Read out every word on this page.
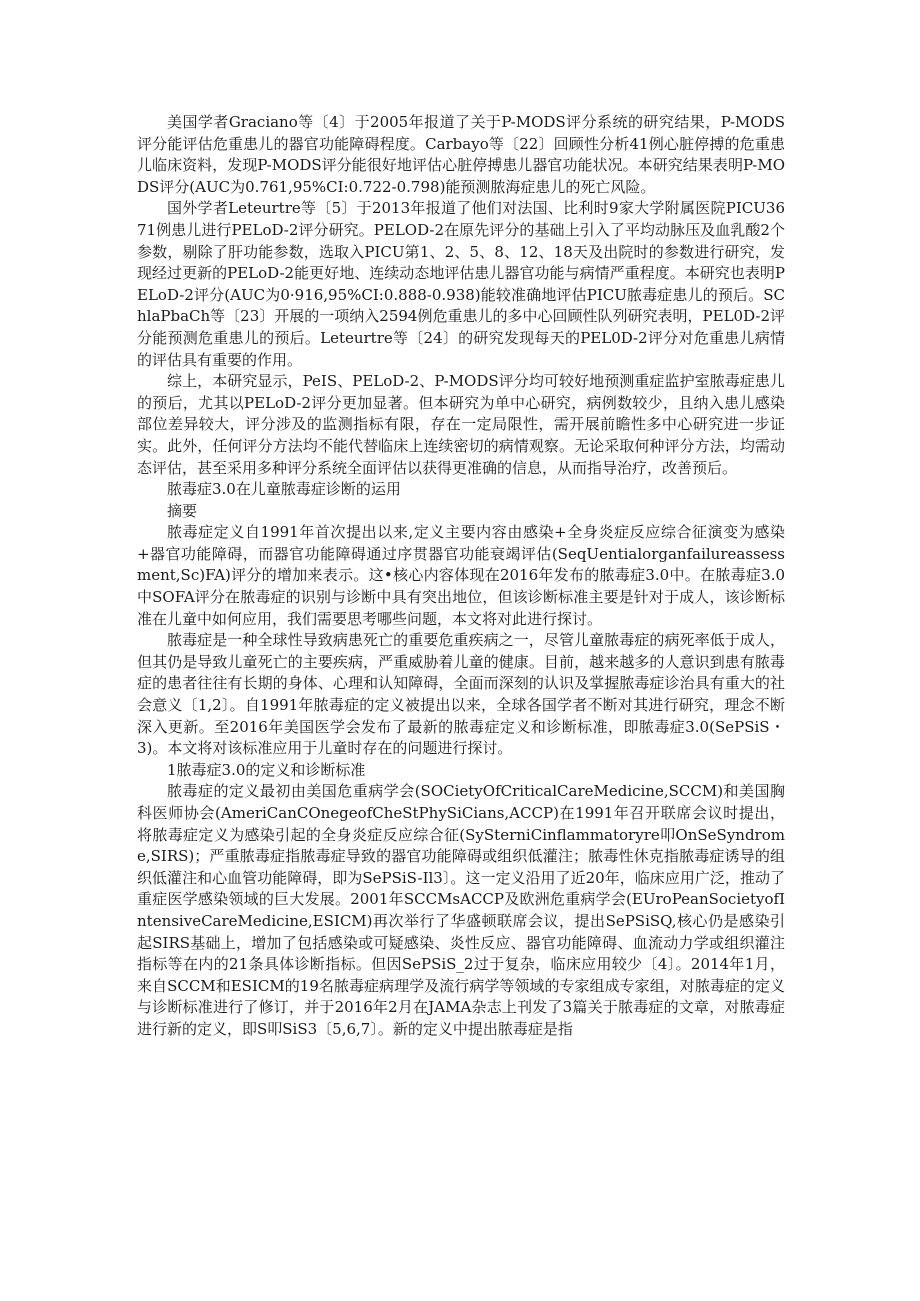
美国学者Graciano等〔4〕于2005年报道了关于P-MODS评分系统的研究结果，P-MODS评分能评估危重患儿的器官功能障碍程度。Carbayo等〔22〕回顾性分析41例心脏停搏的危重患儿临床资料，发现P-MODS评分能很好地评估心脏停搏患儿器官功能状况。本研究结果表明P-MODS评分(AUC为0.761,95%CI:0.722-0.798)能预测脓海症患儿的死亡风险。

国外学者Leteurtre等〔5〕于2013年报道了他们对法国、比利时9家大学附属医院PICU3671例患儿进行PELoD-2评分研究。PELOD-2在原先评分的基础上引入了平均动脉压及血乳酸2个参数，剔除了肝功能参数，选取入PICU第1、2、5、8、12、18天及出院时的参数进行研究，发现经过更新的PELoD-2能更好地、连续动态地评估患儿器官功能与病情严重程度。本研究也表明PELoD-2评分(AUC为0·916,95%CI:0.888-0.938)能较准确地评估PICU脓毒症患儿的预后。SChlaPbaCh等〔23〕开展的一项纳入2594例危重患儿的多中心回顾性队列研究表明，PEL0D-2评分能预测危重患儿的预后。Leteurtre等〔24〕的研究发现每天的PEL0D-2评分对危重患儿病情的评估具有重要的作用。

综上，本研究显示，PeIS、PELoD-2、P-MODS评分均可较好地预测重症监护室脓毒症患儿的预后，尤其以PELoD-2评分更加显著。但本研究为单中心研究，病例数较少，且纳入患儿感染部位差异较大，评分涉及的监测指标有限，存在一定局限性，需开展前瞻性多中心研究进一步证实。此外，任何评分方法均不能代替临床上连续密切的病情观察。无论采取何种评分方法，均需动态评估，甚至采用多种评分系统全面评估以获得更准确的信息，从而指导治疗，改善预后。

脓毒症3.0在儿童脓毒症诊断的运用
摘要

脓毒症定义自1991年首次提出以来,定义主要内容由感染+全身炎症反应综合征演变为感染+器官功能障碍，而器官功能障碍通过序贯器官功能衰竭评估(SeqUentialorganfailureassessment,Sc)FA)评分的增加来表示。这•核心内容体现在2016年发布的脓毒症3.0中。在脓毒症3.0中SOFA评分在脓毒症的识别与诊断中具有突出地位，但该诊断标准主要是针对于成人，该诊断标准在儿童中如何应用，我们需要思考哪些问题，本文将对此进行探讨。

脓毒症是一种全球性导致病患死亡的重要危重疾病之一，尽管儿童脓毒症的病死率低于成人，但其仍是导致儿童死亡的主要疾病，严重威胁着儿童的健康。目前，越来越多的人意识到患有脓毒症的患者往往有长期的身体、心理和认知障碍，全面而深刻的认识及掌握脓毒症诊治具有重大的社会意义〔1,2〕。自1991年脓毒症的定义被提出以来，全球各国学者不断对其进行研究，理念不断深入更新。至2016年美国医学会发布了最新的脓毒症定义和诊断标准，即脓毒症3.0(SePSiS・3)。本文将对该标准应用于儿童时存在的问题进行探讨。

1脓毒症3.0的定义和诊断标准

脓毒症的定义最初由美国危重病学会(SOCietyOfCriticalCareMedicine,SCCM)和美国胸科医师协会(AmeriCanCOnegeofCheStPhySiCians,ACCP)在1991年召开联席会议时提出，将脓毒症定义为感染引起的全身炎症反应综合征(SySterniCinflammatoryre叩OnSeSyndrome,SIRS)；严重脓毒症指脓毒症导致的器官功能障碍或组织低灌注；脓毒性休克指脓毒症诱导的组织低灌注和心血管功能障碍，即为SePSiS-Il3〕。这一定义沿用了近20年，临床应用广泛，推动了重症医学感染领域的巨大发展。2001年SCCMsACCP及欧洲危重病学会(EUroPeanSocietyofIntensiveCareMedicine,ESICM)再次举行了华盛顿联席会议，提出SePSiSQ,核心仍是感染引起SIRS基础上，增加了包括感染或可疑感染、炎性反应、器官功能障碍、血流动力学或组织灌注指标等在内的21条具体诊断指标。但因SePSiS_2过于复杂，临床应用较少〔4〕。2014年1月，来自SCCM和ESICM的19名脓毒症病理学及流行病学等领域的专家组成专家组，对脓毒症的定义与诊断标准进行了修订，并于2016年2月在JAMA杂志上刊发了3篇关于脓毒症的文章，对脓毒症进行新的定义，即S叩SiS3〔5,6,7〕。新的定义中提出脓毒症是指
